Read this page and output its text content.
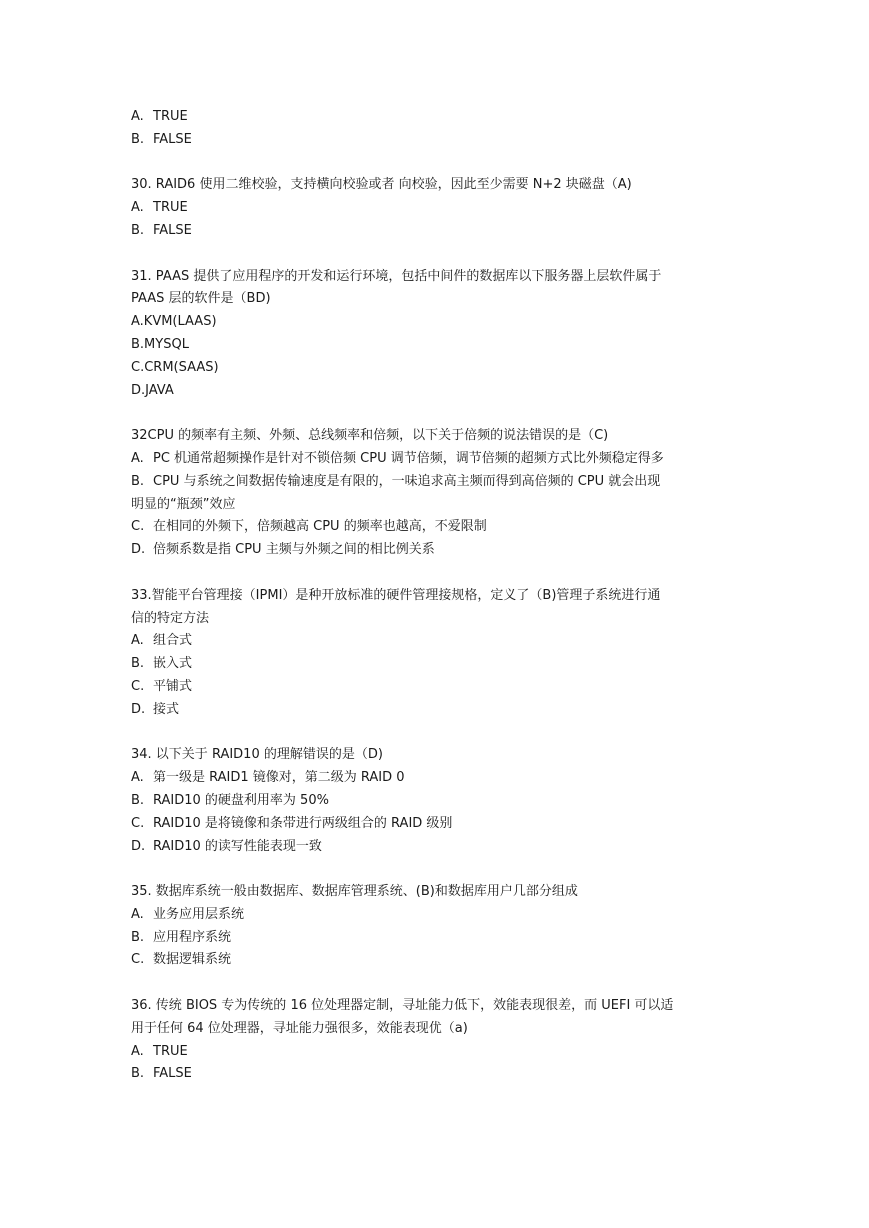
A. TRUE
B. FALSE
30. RAID6 使用二维校验，支持横向校验或者 向校验，因此至少需要 N+2 块磁盘（A)
A. TRUE
B. FALSE
31. PAAS 提供了应用程序的开发和运行环境，包括中间件的数据库以下服务器上层软件属于
PAAS 层的软件是（BD)
A.KVM(LAAS)
B.MYSQL
C.CRM(SAAS)
D.JAVA
32CPU 的频率有主频、外频、总线频率和倍频，以下关于倍频的说法错误的是（C)
A. PC 机通常超频操作是针对不锁倍频 CPU 调节倍频，调节倍频的超频方式比外频稳定得多
B. CPU 与系统之间数据传输速度是有限的，一味追求高主频而得到高倍频的 CPU 就会出现
明显的“瓶颈”效应
C. 在相同的外频下，倍频越高 CPU 的频率也越高，不爱限制
D. 倍频系数是指 CPU 主频与外频之间的相比例关系
33.智能平台管理接（IPMI）是种开放标准的硬件管理接规格，定义了（B)管理子系统进行通
信的特定方法
A. 组合式
B. 嵌入式
C. 平铺式
D. 接式
34. 以下关于 RAID10 的理解错误的是（D)
A. 第一级是 RAID1 镜像对，第二级为 RAID 0
B. RAID10 的硬盘利用率为 50%
C. RAID10 是将镜像和条带进行两级组合的 RAID 级别
D. RAID10 的读写性能表现一致
35. 数据库系统一般由数据库、数据库管理系统、(B)和数据库用户几部分组成
A. 业务应用层系统
B. 应用程序系统
C. 数据逻辑系统
36. 传统 BIOS 专为传统的 16 位处理器定制，寻址能力低下，效能表现很差，而 UEFI 可以适
用于任何 64 位处理器，寻址能力强很多，效能表现优（a)
A. TRUE
B. FALSE
